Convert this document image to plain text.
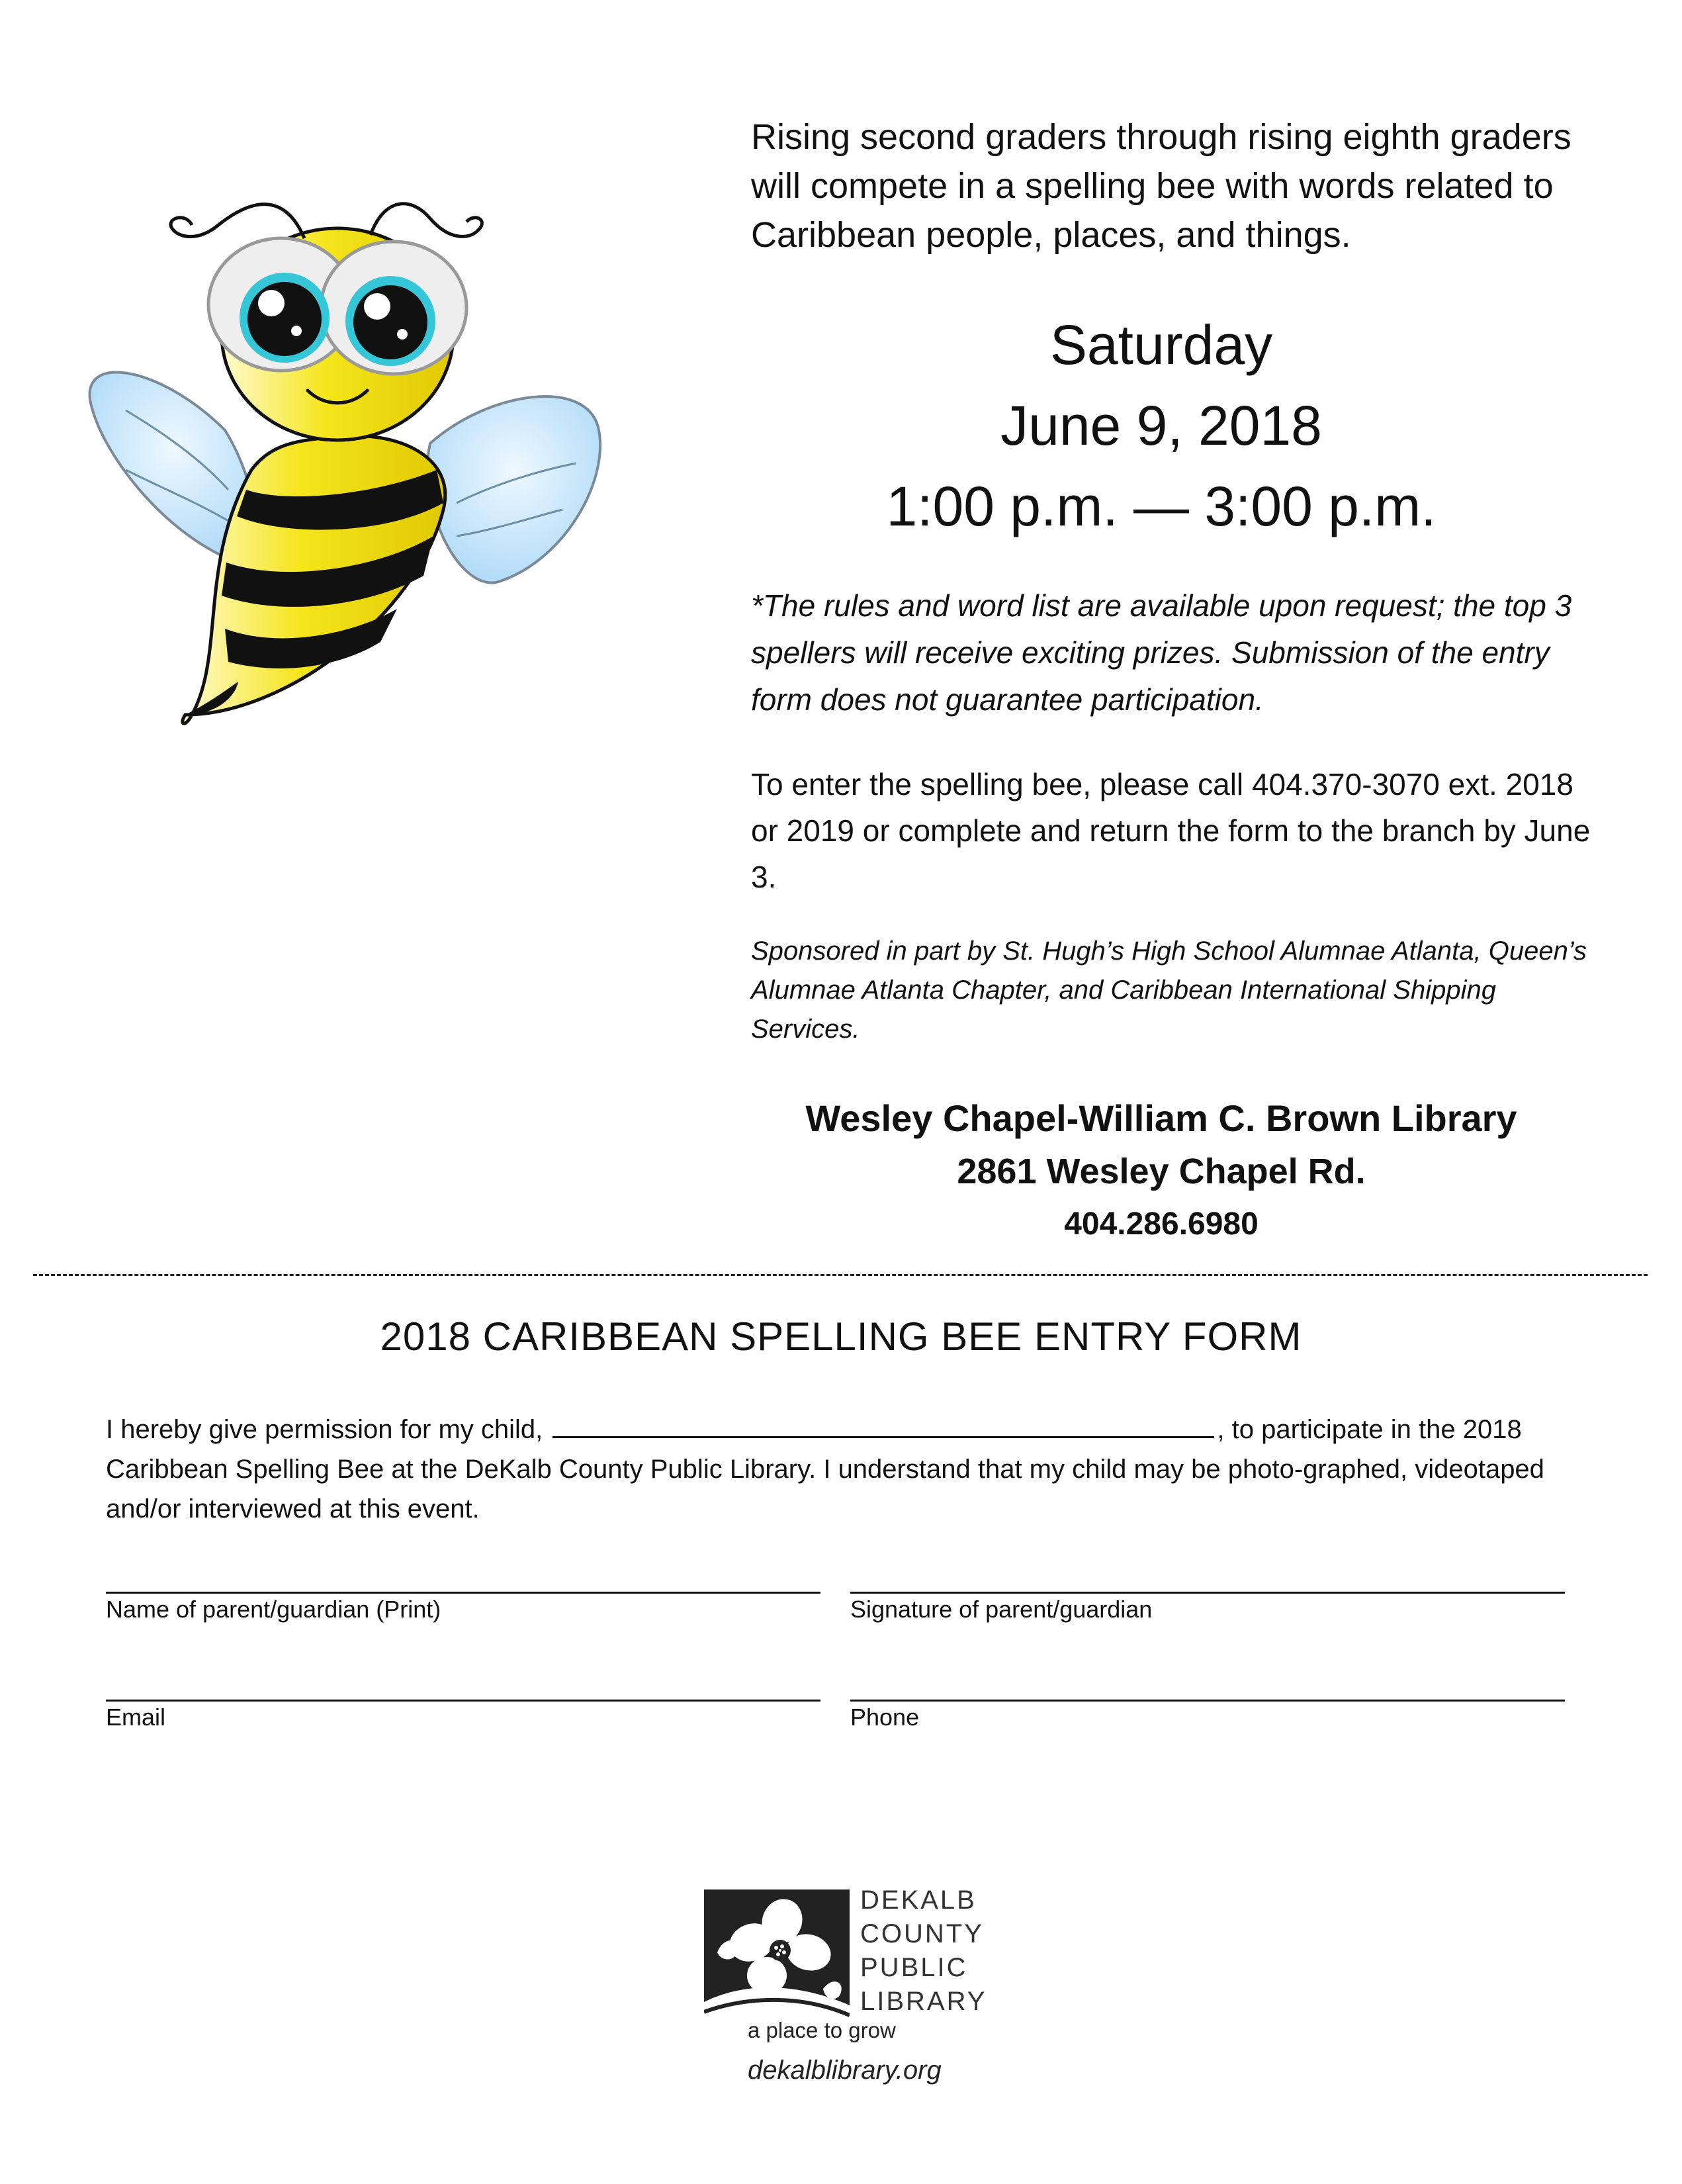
Rising second graders through rising eighth graders will compete in a spelling bee with words related to Caribbean people, places, and things.
Saturday
June 9, 2018
1:00 p.m. — 3:00 p.m.
*The rules and word list are available upon request; the top 3 spellers will receive exciting prizes. Submission of the entry form does not guarantee participation.
To enter the spelling bee, please call 404.370-3070 ext. 2018 or 2019 or complete and return the form to the branch by June 3.
Sponsored in part by St. Hugh’s High School Alumnae Atlanta, Queen’s Alumnae Atlanta Chapter, and Caribbean International Shipping Services.
Wesley Chapel-William C. Brown Library
2861 Wesley Chapel Rd.
404.286.6980
2018 CARIBBEAN SPELLING BEE ENTRY FORM
I hereby give permission for my child,	, to participate in the 2018 Caribbean Spelling Bee at the DeKalb County Public Library. I understand that my child may be photo-graphed, videotaped and/or interviewed at this event.
Name of parent/guardian (Print)	Signature of parent/guardian
Email	Phone
DEKALB
COUNTY
PUBLIC
LIBRARY
a place to grow
dekalblibrary.org
